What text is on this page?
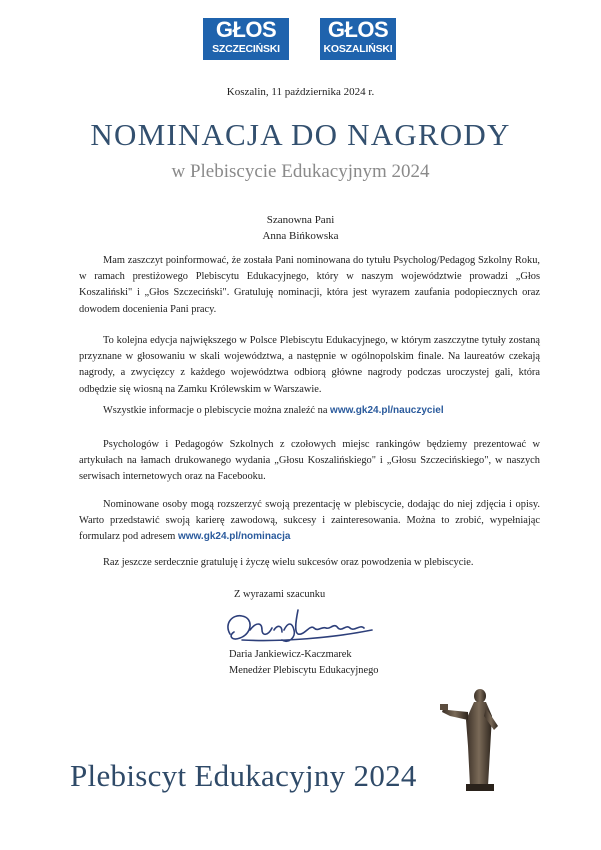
GŁOS
SZCZECIŃSKI
GŁOS
KOSZALIŃSKI
Koszalin, 11 października 2024 r.
NOMINACJA DO NAGRODY
w Plebiscycie Edukacyjnym 2024
Szanowna Pani
Anna Bińkowska

Mam zaszczyt poinformować, że została Pani nominowana do tytułu Psycholog/Pedagog Szkolny Roku, w ramach prestiżowego Plebiscytu Edukacyjnego, który w naszym województwie prowadzi „Głos Koszaliński" i „Głos Szczeciński". Gratuluję nominacji, która jest wyrazem zaufania podopiecznych oraz dowodem docenienia Pani pracy.

To kolejna edycja największego w Polsce Plebiscytu Edukacyjnego, w którym zaszczytne tytuły zostaną przyznane w głosowaniu w skali województwa, a następnie w ogólnopolskim finale. Na laureatów czekają nagrody, a zwycięzcy z każdego województwa odbiorą główne nagrody podczas uroczystej gali, która odbędzie się wiosną na Zamku Królewskim w Warszawie.

Wszystkie informacje o plebiscycie można znaleźć na www.gk24.pl/nauczyciel

Psychologów i Pedagogów Szkolnych z czołowych miejsc rankingów będziemy prezentować w artykułach na łamach drukowanego wydania „Głosu Koszalińskiego" i „Głosu Szczecińskiego", w naszych serwisach internetowych oraz na Facebooku.

Nominowane osoby mogą rozszerzyć swoją prezentację w plebiscycie, dodając do niej zdjęcia i opisy. Warto przedstawić swoją karierę zawodową, sukcesy i zainteresowania. Można to zrobić, wypełniając formularz pod adresem www.gk24.pl/nominacja

Raz jeszcze serdecznie gratuluję i życzę wielu sukcesów oraz powodzenia w plebiscycie.

Z wyrazami szacunku
Daria Jankiewicz-Kaczmarek
Menedżer Plebiscytu Edukacyjnego
Plebiscyt Edukacyjny 2024
